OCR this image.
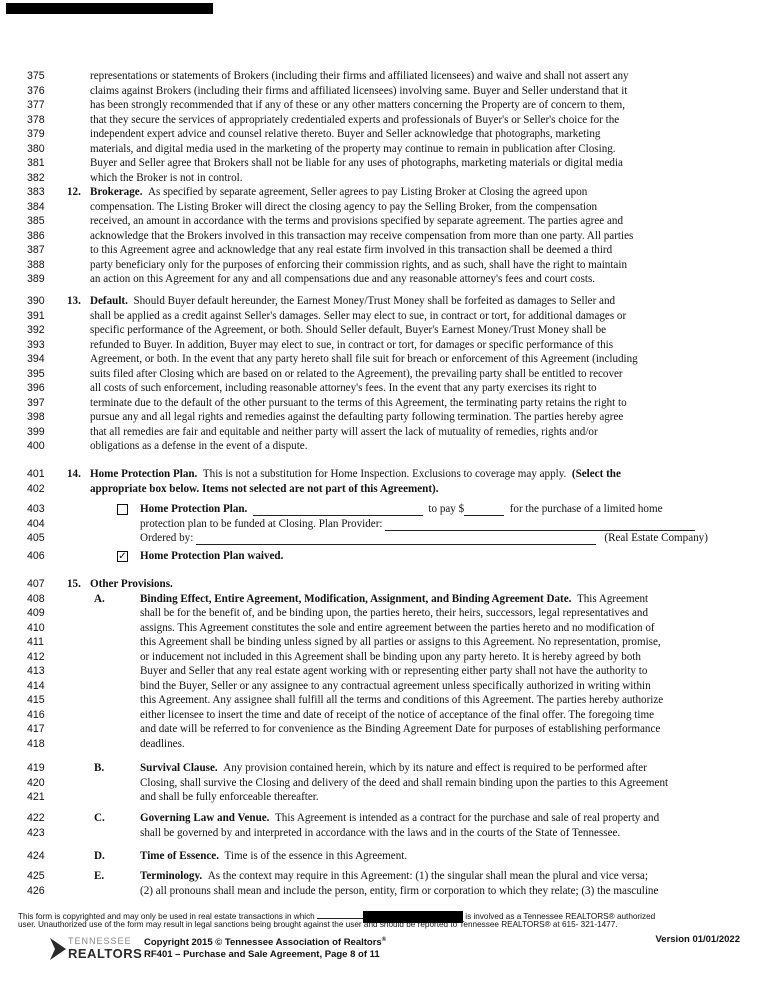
375	representations or statements of Brokers (including their firms and affiliated licensees) and waive and shall not assert any
376	claims against Brokers (including their firms and affiliated licensees) involving same. Buyer and Seller understand that it
377	has been strongly recommended that if any of these or any other matters concerning the Property are of concern to them,
378	that they secure the services of appropriately credentialed experts and professionals of Buyer's or Seller's choice for the
379	independent expert advice and counsel relative thereto. Buyer and Seller acknowledge that photographs, marketing
380	materials, and digital media used in the marketing of the property may continue to remain in publication after Closing.
381	Buyer and Seller agree that Brokers shall not be liable for any uses of photographs, marketing materials or digital media
382	which the Broker is not in control.
383 12. Brokerage. As specified by separate agreement, Seller agrees to pay Listing Broker at Closing the agreed upon
384	compensation. The Listing Broker will direct the closing agency to pay the Selling Broker, from the compensation
385	received, an amount in accordance with the terms and provisions specified by separate agreement. The parties agree and
386	acknowledge that the Brokers involved in this transaction may receive compensation from more than one party. All parties
387	to this Agreement agree and acknowledge that any real estate firm involved in this transaction shall be deemed a third
388	party beneficiary only for the purposes of enforcing their commission rights, and as such, shall have the right to maintain
389	an action on this Agreement for any and all compensations due and any reasonable attorney's fees and court costs.
390 13. Default. Should Buyer default hereunder, the Earnest Money/Trust Money shall be forfeited as damages to Seller and
391	shall be applied as a credit against Seller's damages. Seller may elect to sue, in contract or tort, for additional damages or
392	specific performance of the Agreement, or both. Should Seller default, Buyer's Earnest Money/Trust Money shall be
393	refunded to Buyer. In addition, Buyer may elect to sue, in contract or tort, for damages or specific performance of this
394	Agreement, or both. In the event that any party hereto shall file suit for breach or enforcement of this Agreement (including
395	suits filed after Closing which are based on or related to the Agreement), the prevailing party shall be entitled to recover
396	all costs of such enforcement, including reasonable attorney's fees. In the event that any party exercises its right to
397	terminate due to the default of the other pursuant to the terms of this Agreement, the terminating party retains the right to
398	pursue any and all legal rights and remedies against the defaulting party following termination. The parties hereby agree
399	that all remedies are fair and equitable and neither party will assert the lack of mutuality of remedies, rights and/or
400	obligations as a defense in the event of a dispute.
401 14. Home Protection Plan. This is not a substitution for Home Inspection. Exclusions to coverage may apply. (Select the
402	appropriate box below. Items not selected are not part of this Agreement).
403	Home Protection Plan.	to pay $	for the purchase of a limited home
404	protection plan to be funded at Closing. Plan Provider:
405	Ordered by:	(Real Estate Company)
406	✓ Home Protection Plan waived.
407 15. Other Provisions.
408	A.	Binding Effect, Entire Agreement, Modification, Assignment, and Binding Agreement Date. This Agreement
409	shall be for the benefit of, and be binding upon, the parties hereto, their heirs, successors, legal representatives and
410	assigns. This Agreement constitutes the sole and entire agreement between the parties hereto and no modification of
411	this Agreement shall be binding unless signed by all parties or assigns to this Agreement. No representation, promise,
412	or inducement not included in this Agreement shall be binding upon any party hereto. It is hereby agreed by both
413	Buyer and Seller that any real estate agent working with or representing either party shall not have the authority to
414	bind the Buyer, Seller or any assignee to any contractual agreement unless specifically authorized in writing within
415	this Agreement. Any assignee shall fulfill all the terms and conditions of this Agreement. The parties hereby authorize
416	either licensee to insert the time and date of receipt of the notice of acceptance of the final offer. The foregoing time
417	and date will be referred to for convenience as the Binding Agreement Date for purposes of establishing performance
418	deadlines.
419	B.	Survival Clause. Any provision contained herein, which by its nature and effect is required to be performed after
420	Closing, shall survive the Closing and delivery of the deed and shall remain binding upon the parties to this Agreement
421	and shall be fully enforceable thereafter.
422	C.	Governing Law and Venue. This Agreement is intended as a contract for the purchase and sale of real property and
423	shall be governed by and interpreted in accordance with the laws and in the courts of the State of Tennessee.
424	D.	Time of Essence. Time is of the essence in this Agreement.
425	E.	Terminology. As the context may require in this Agreement: (1) the singular shall mean the plural and vice versa;
426	(2) all pronouns shall mean and include the person, entity, firm or corporation to which they relate; (3) the masculine
This form is copyrighted and may only be used in real estate transactions in which	is involved as a Tennessee REALTORS® authorized
user. Unauthorized use of the form may result in legal sanctions being brought against the user and should be reported to Tennessee REALTORS® at 615- 321-1477.
TENNESSEE
REALTORS
Copyright 2015 © Tennessee Association of Realtors®
RF401 – Purchase and Sale Agreement, Page 8 of 11
Version 01/01/2022
